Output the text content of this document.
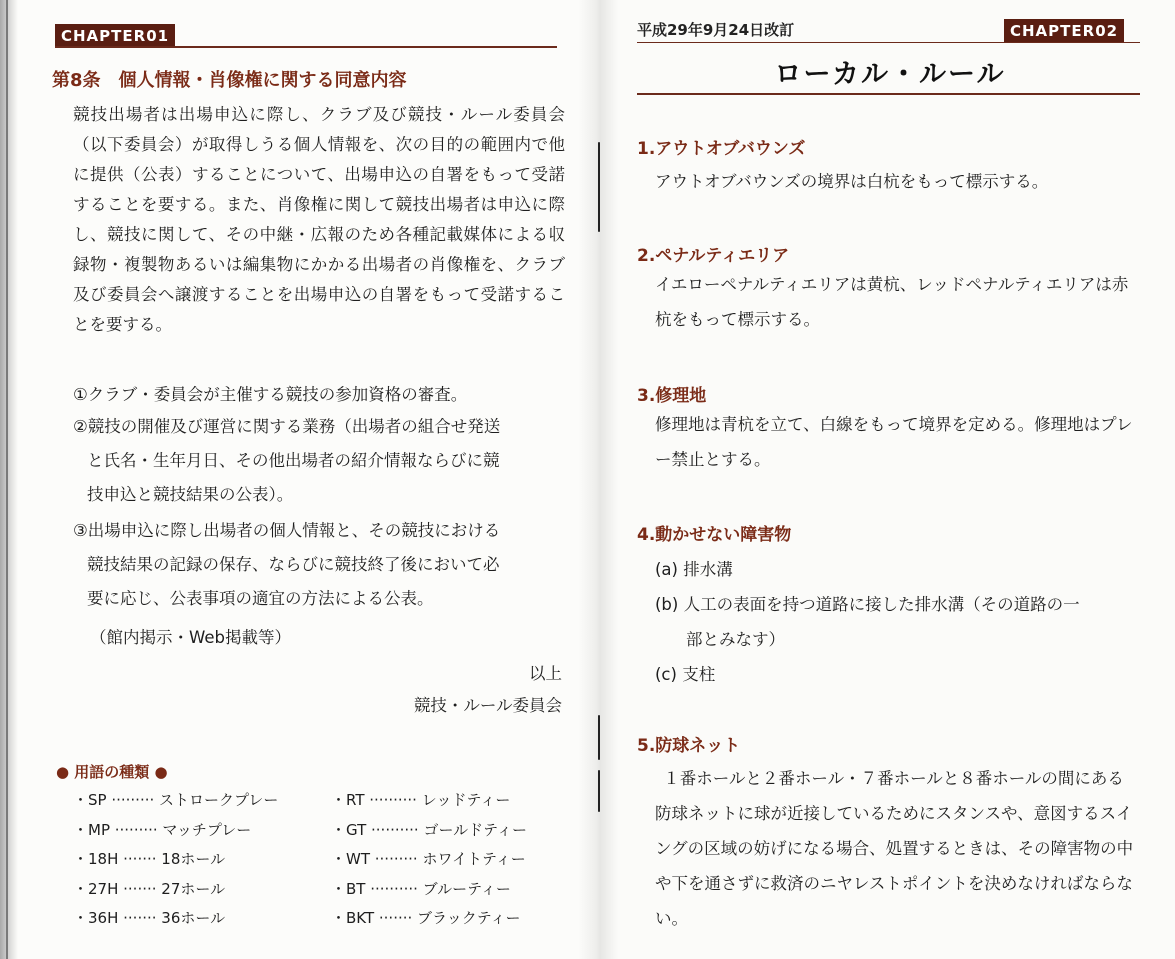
CHAPTER01
第8条　個人情報・肖像権に関する同意内容
競技出場者は出場申込に際し、クラブ及び競技・ルール委員会（以下委員会）が取得しうる個人情報を、次の目的の範囲内で他に提供（公表）することについて、出場申込の自署をもって受諾することを要する。また、肖像権に関して競技出場者は申込に際し、競技に関して、その中継・広報のため各種記載媒体による収録物・複製物あるいは編集物にかかる出場者の肖像権を、クラブ及び委員会へ譲渡することを出場申込の自署をもって受諾することを要する。
①クラブ・委員会が主催する競技の参加資格の審査。
②競技の開催及び運営に関する業務（出場者の組合せ発送
と氏名・生年月日、その他出場者の紹介情報ならびに競
技申込と競技結果の公表）。
③出場申込に際し出場者の個人情報と、その競技における
競技結果の記録の保存、ならびに競技終了後において必
要に応じ、公表事項の適宜の方法による公表。
（館内掲示・Web掲載等）
以上
競技・ルール委員会
● 用語の種類 ●
・SP ········· ストロークプレー
・MP ········· マッチプレー
・18H ······· 18ホール
・27H ······· 27ホール
・36H ······· 36ホール
・RT ·········· レッドティー
・GT ·········· ゴールドティー
・WT ········· ホワイトティー
・BT ·········· ブルーティー
・BKT ······· ブラックティー
平成29年9月24日改訂	CHAPTER02
ローカル・ルール
1.アウトオブバウンズ
アウトオブバウンズの境界は白杭をもって標示する。
2.ペナルティエリア
イエローペナルティエリアは黄杭、レッドペナルティエリアは赤杭をもって標示する。
3.修理地
修理地は青杭を立て、白線をもって境界を定める。修理地はプレー禁止とする。
4.動かせない障害物
(a) 排水溝
(b) 人工の表面を持つ道路に接した排水溝（その道路の一
部とみなす）
(c) 支柱
5.防球ネット
１番ホールと２番ホール・７番ホールと８番ホールの間にある防球ネットに球が近接しているためにスタンスや、意図するスイングの区域の妨げになる場合、処置するときは、その障害物の中や下を通さずに救済のニヤレストポイントを決めなければならない。
